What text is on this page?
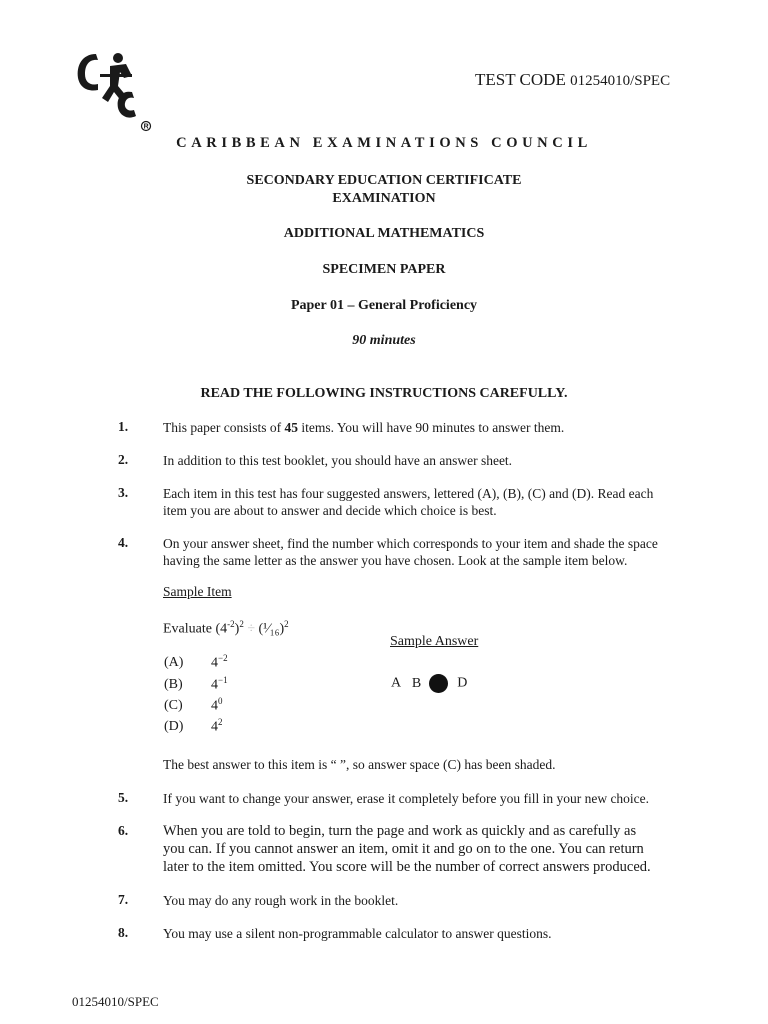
R
TEST CODE 01254010/SPEC
CARIBBEAN EXAMINATIONS COUNCIL
SECONDARY EDUCATION CERTIFICATE
EXAMINATION
ADDITIONAL MATHEMATICS
SPECIMEN PAPER
Paper 01 – General Proficiency
90 minutes
READ THE FOLLOWING INSTRUCTIONS CAREFULLY.
1.	This paper consists of 45 items. You will have 90 minutes to answer them.
2.	In addition to this test booklet, you should have an answer sheet.
3.	Each item in this test has four suggested answers, lettered (A), (B), (C) and (D). Read each
item you are about to answer and decide which choice is best.
4.	On your answer sheet, find the number which corresponds to your item and shade the space
having the same letter as the answer you have chosen. Look at the sample item below.
Sample Item
Evaluate $(4^{-2})^2$ ÷ (¹⁄₁₆)$^2$
Sample Answer
(A) $4^{-2}$
(B) $4^{-1}$
(C) $4^0$
(D) $4^2$
A B	D
The best answer to this item is “ ”, so answer space (C) has been shaded.
5.	If you want to change your answer, erase it completely before you fill in your new choice.
6. When you are told to begin, turn the page and work as quickly and as carefully as
you can. If you cannot answer an item, omit it and go on to the one. You can return
later to the item omitted. You score will be the number of correct answers produced.
7.	You may do any rough work in the booklet.
8.	You may use a silent non-programmable calculator to answer questions.
01254010/SPEC
